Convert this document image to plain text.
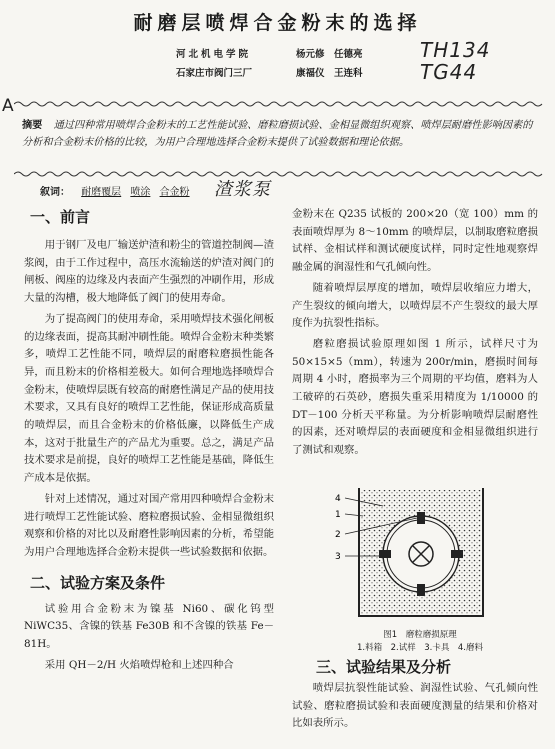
耐磨层喷焊合金粉末的选择
河北机电学院
石家庄市阀门三厂
杨元修　任德亮
康福仪　王连科
TH134
TG44
A
摘要 通过四种常用喷焊合金粉末的工艺性能试验、磨粒磨损试验、金相显微组织观察、喷焊层耐磨性影响因素的分析和合金粉末价格的比较，为用户合理地选择合金粉末提供了试验数据和理论依据。
叙词： 耐磨覆层 喷涂 合金粉	渣浆泵
一、前言

用于钢厂及电厂输送炉渣和粉尘的管道控制阀—渣浆阀，由于工作过程中，高压水流输送的炉渣对阀门的闸板、阀座的边缘及内表面产生强烈的冲刷作用，形成大量的沟槽，极大地降低了阀门的使用寿命。

为了提高阀门的使用寿命，采用喷焊技术强化闸板的边缘表面，提高其耐冲刷性能。喷焊合金粉末种类繁多，喷焊工艺性能不同，喷焊层的耐磨粒磨损性能各异，而且粉末的价格相差极大。如何合理地选择喷焊合金粉末，使喷焊层既有较高的耐磨性满足产品的使用技术要求，又具有良好的喷焊工艺性能，保证形成高质量的喷焊层，而且合金粉末的价格低廉，以降低生产成本，这对于批量生产的产品尤为重要。总之，满足产品技术要求是前提，良好的喷焊工艺性能是基础，降低生产成本是依据。

针对上述情况，通过对国产常用四种喷焊合金粉末进行喷焊工艺性能试验、磨粒磨损试验、金相显微组织观察和价格的对比以及耐磨性影响因素的分析，希望能为用户合理地选择合金粉末提供一些试验数据和依据。

二、试验方案及条件

试验用合金粉末为镍基 Ni60、碳化钨型 NiWC35、含镍的铁基 Fe30B 和不含镍的铁基 Fe－81H。

采用 QH－2/H 火焰喷焊枪和上述四种合

金粉末在 Q235 试板的 200×20（宽 100）mm 的表面喷焊厚为 8～10mm 的喷焊层，以制取磨粒磨损试样、金相试样和测试硬度试样，同时定性地观察焊融金属的润湿性和气孔倾向性。

随着喷焊层厚度的增加，喷焊层收缩应力增大，产生裂纹的倾向增大，以喷焊层不产生裂纹的最大厚度作为抗裂性指标。

磨粒磨损试验原理如图 1 所示，试样尺寸为 50×15×5（mm），转速为 200r/min，磨损时间每周期 4 小时，磨损率为三个周期的平均值，磨料为人工破碎的石英砂，磨损失重采用精度为 1/10000 的 DT－100 分析天平称量。为分析影响喷焊层耐磨性的因素，还对喷焊层的表面硬度和金相显微组织进行了测试和观察。

4
1
2
3
图1　磨粒磨损原理
1.料箱　2.试样　3.卡具　4.磨料
三、试验结果及分析

喷焊层抗裂性能试验、润湿性试验、气孔倾向性试验、磨粒磨损试验和表面硬度测量的结果和价格对比如表所示。
